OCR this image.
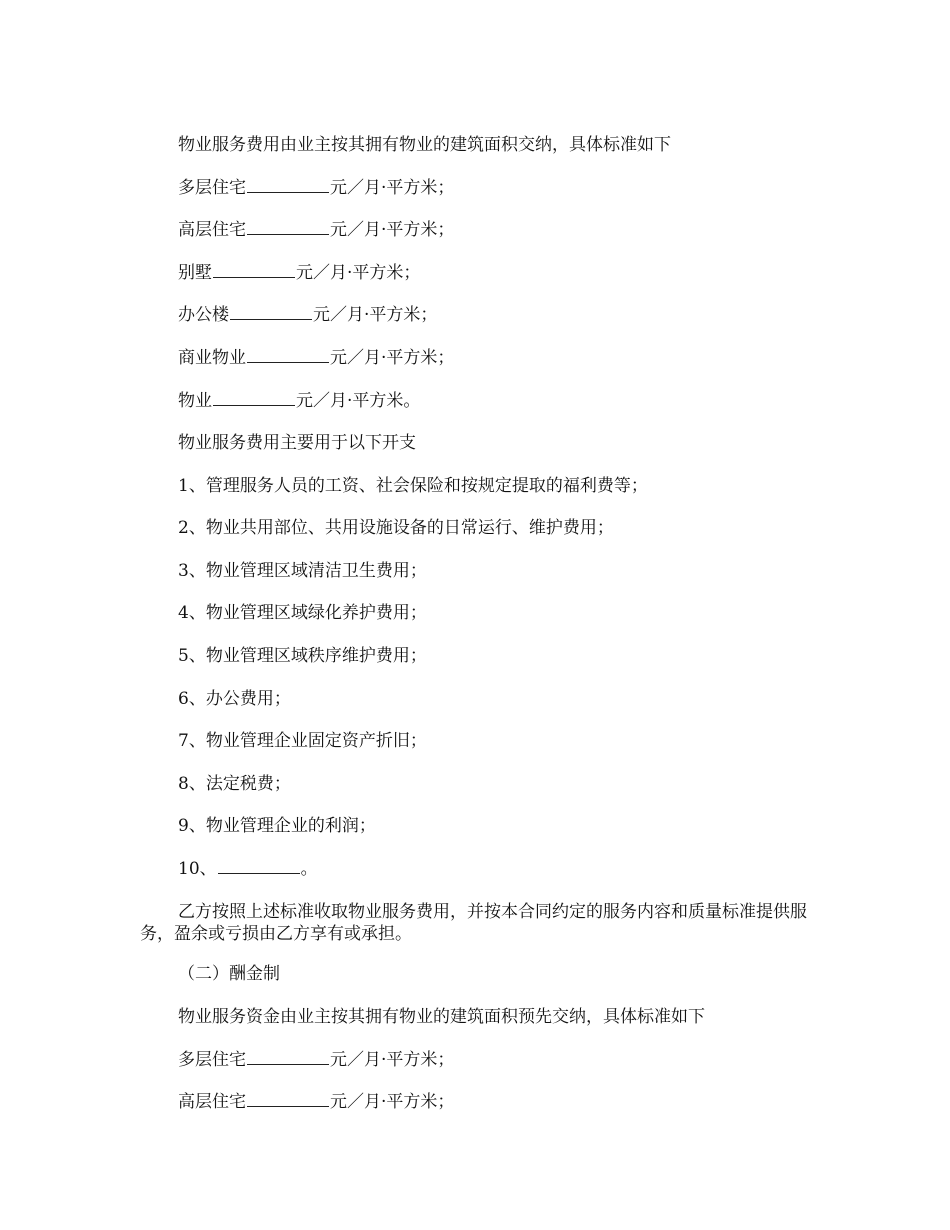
物业服务费用由业主按其拥有物业的建筑面积交纳，具体标准如下
多层住宅	元／月·平方米；
高层住宅	元／月·平方米；
别墅	元／月·平方米；
办公楼	元／月·平方米；
商业物业	元／月·平方米；
物业	元／月·平方米。
物业服务费用主要用于以下开支
1、管理服务人员的工资、社会保险和按规定提取的福利费等；
2、物业共用部位、共用设施设备的日常运行、维护费用；
3、物业管理区域清洁卫生费用；
4、物业管理区域绿化养护费用；
5、物业管理区域秩序维护费用；
6、办公费用；
7、物业管理企业固定资产折旧；
8、法定税费；
9、物业管理企业的利润；
10、	。
乙方按照上述标准收取物业服务费用，并按本合同约定的服务内容和质量标准提供服务，盈余或亏损由乙方享有或承担。
（二）酬金制
物业服务资金由业主按其拥有物业的建筑面积预先交纳，具体标准如下
多层住宅	元／月·平方米；
高层住宅	元／月·平方米；
